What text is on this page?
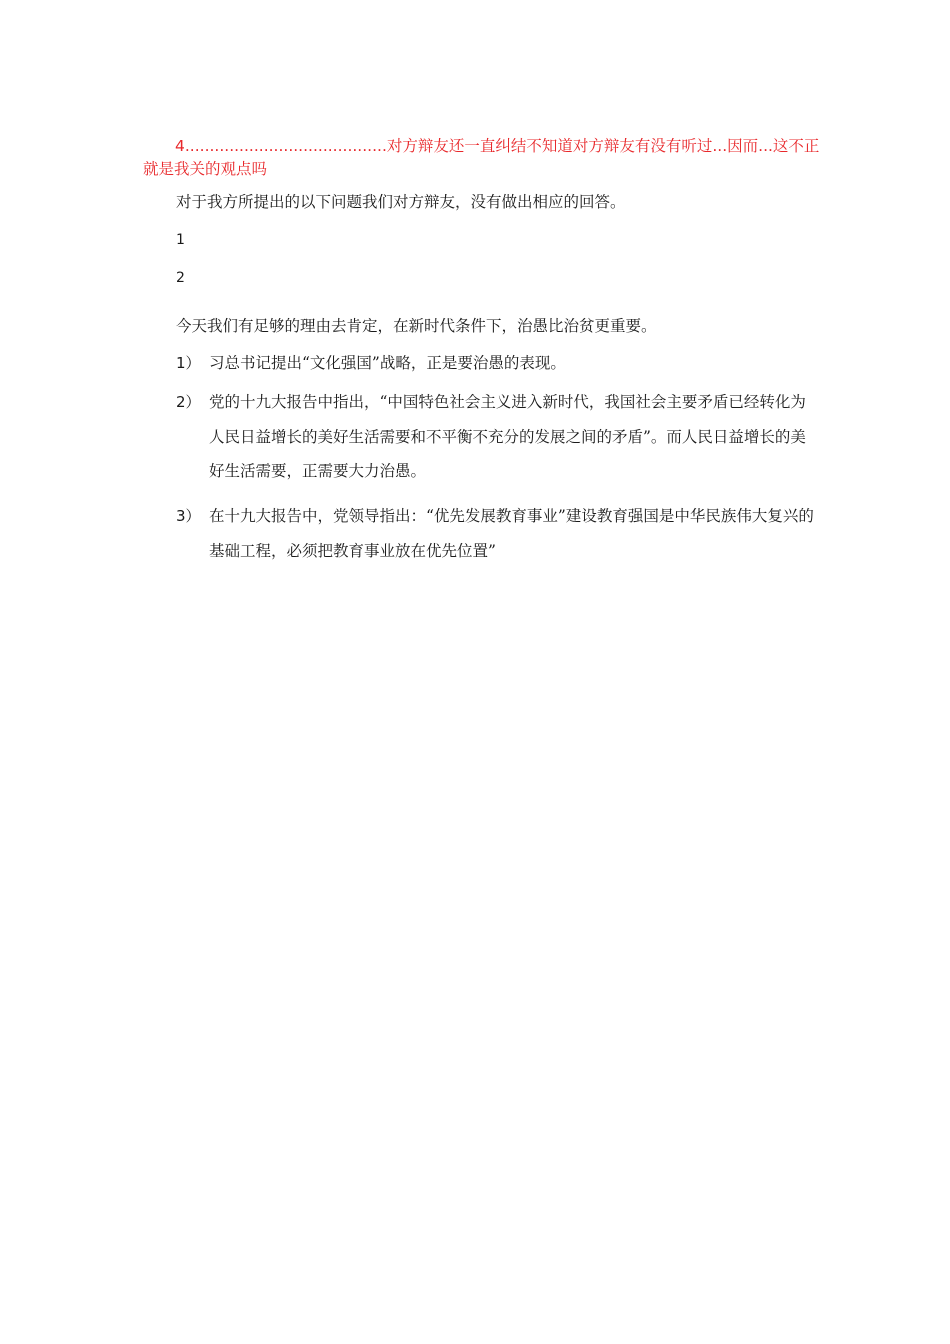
4.........................................对方辩友还一直纠结不知道对方辩友有没有听过...因而...这不正就是我关的观点吗
对于我方所提出的以下问题我们对方辩友，没有做出相应的回答。
1
2
今天我们有足够的理由去肯定，在新时代条件下，治愚比治贫更重要。
1） 习总书记提出“文化强国”战略，正是要治愚的表现。
2） 党的十九大报告中指出，“中国特色社会主义进入新时代，我国社会主要矛盾已经转化为人民日益增长的美好生活需要和不平衡不充分的发展之间的矛盾”。而人民日益增长的美好生活需要，正需要大力治愚。
3） 在十九大报告中，党领导指出：“优先发展教育事业”建设教育强国是中华民族伟大复兴的基础工程，必须把教育事业放在优先位置”
